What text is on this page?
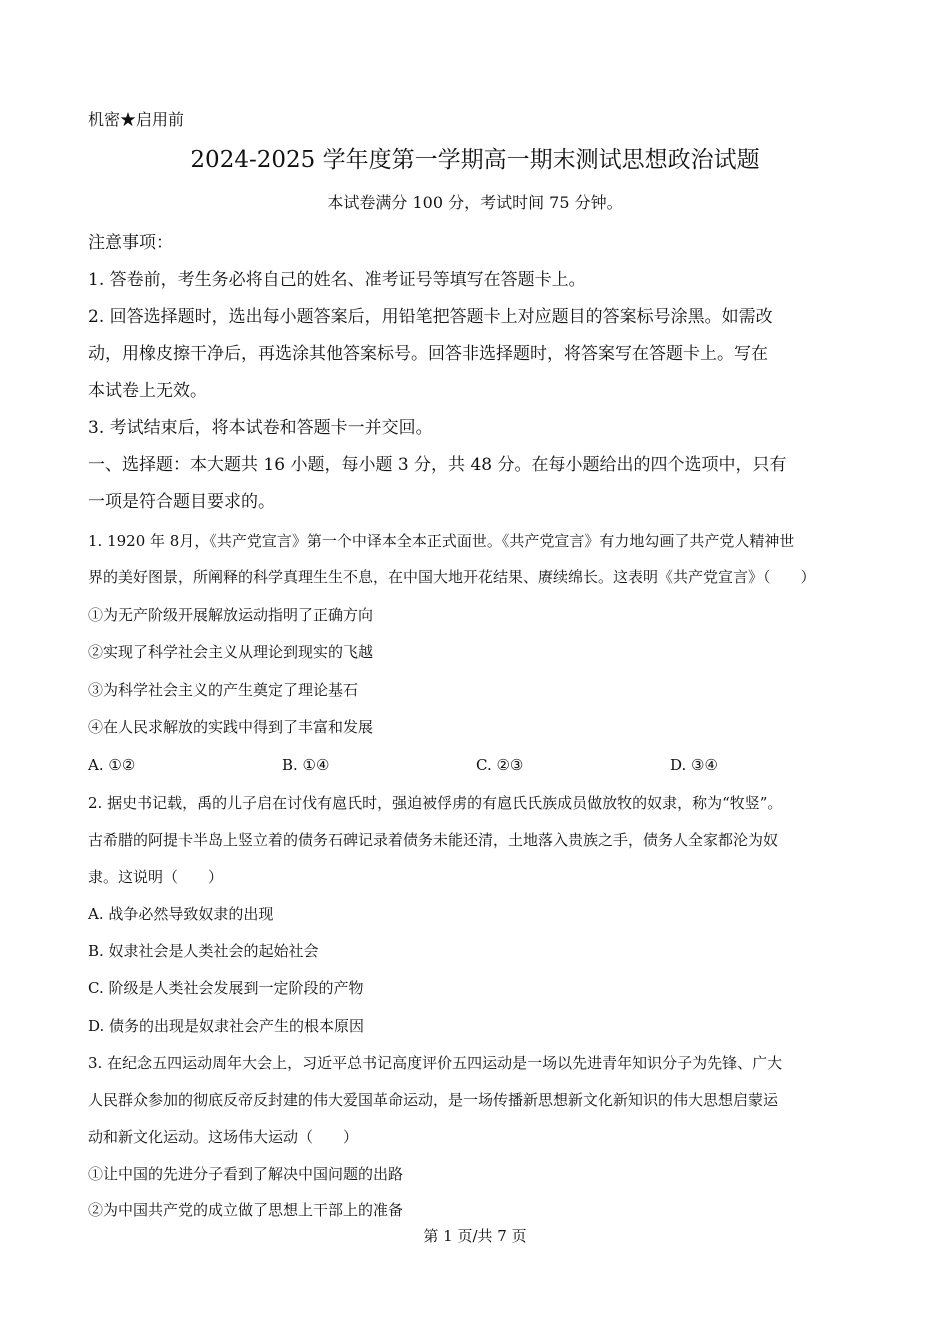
机密★启用前
2024-2025 学年度第一学期高一期末测试思想政治试题
本试卷满分 100 分，考试时间 75 分钟。
注意事项：
1. 答卷前，考生务必将自己的姓名、准考证号等填写在答题卡上。
2. 回答选择题时，选出每小题答案后，用铅笔把答题卡上对应题目的答案标号涂黑。如需改
动，用橡皮擦干净后，再选涂其他答案标号。回答非选择题时，将答案写在答题卡上。写在
本试卷上无效。
3. 考试结束后，将本试卷和答题卡一并交回。
一、选择题：本大题共 16 小题，每小题 3 分，共 48 分。在每小题给出的四个选项中，只有
一项是符合题目要求的。
1. 1920 年 8月，《共产党宣言》第一个中译本全本正式面世。《共产党宣言》有力地勾画了共产党人精神世
界的美好图景，所阐释的科学真理生生不息，在中国大地开花结果、赓续绵长。这表明《共产党宣言》（　　）
①为无产阶级开展解放运动指明了正确方向
②实现了科学社会主义从理论到现实的飞越
③为科学社会主义的产生奠定了理论基石
④在人民求解放的实践中得到了丰富和发展
A. ①②	B. ①④	C. ②③	D. ③④
2. 据史书记载，禹的儿子启在讨伐有扈氏时，强迫被俘虏的有扈氏氏族成员做放牧的奴隶，称为“牧竖”。
古希腊的阿提卡半岛上竖立着的债务石碑记录着债务未能还清，土地落入贵族之手，债务人全家都沦为奴
隶。这说明（　　）
A. 战争必然导致奴隶的出现
B. 奴隶社会是人类社会的起始社会
C. 阶级是人类社会发展到一定阶段的产物
D. 债务的出现是奴隶社会产生的根本原因
3. 在纪念五四运动周年大会上，习近平总书记高度评价五四运动是一场以先进青年知识分子为先锋、广大
人民群众参加的彻底反帝反封建的伟大爱国革命运动，是一场传播新思想新文化新知识的伟大思想启蒙运
动和新文化运动。这场伟大运动（　　）
①让中国的先进分子看到了解决中国问题的出路
②为中国共产党的成立做了思想上干部上的准备
第 1 页/共 7 页
